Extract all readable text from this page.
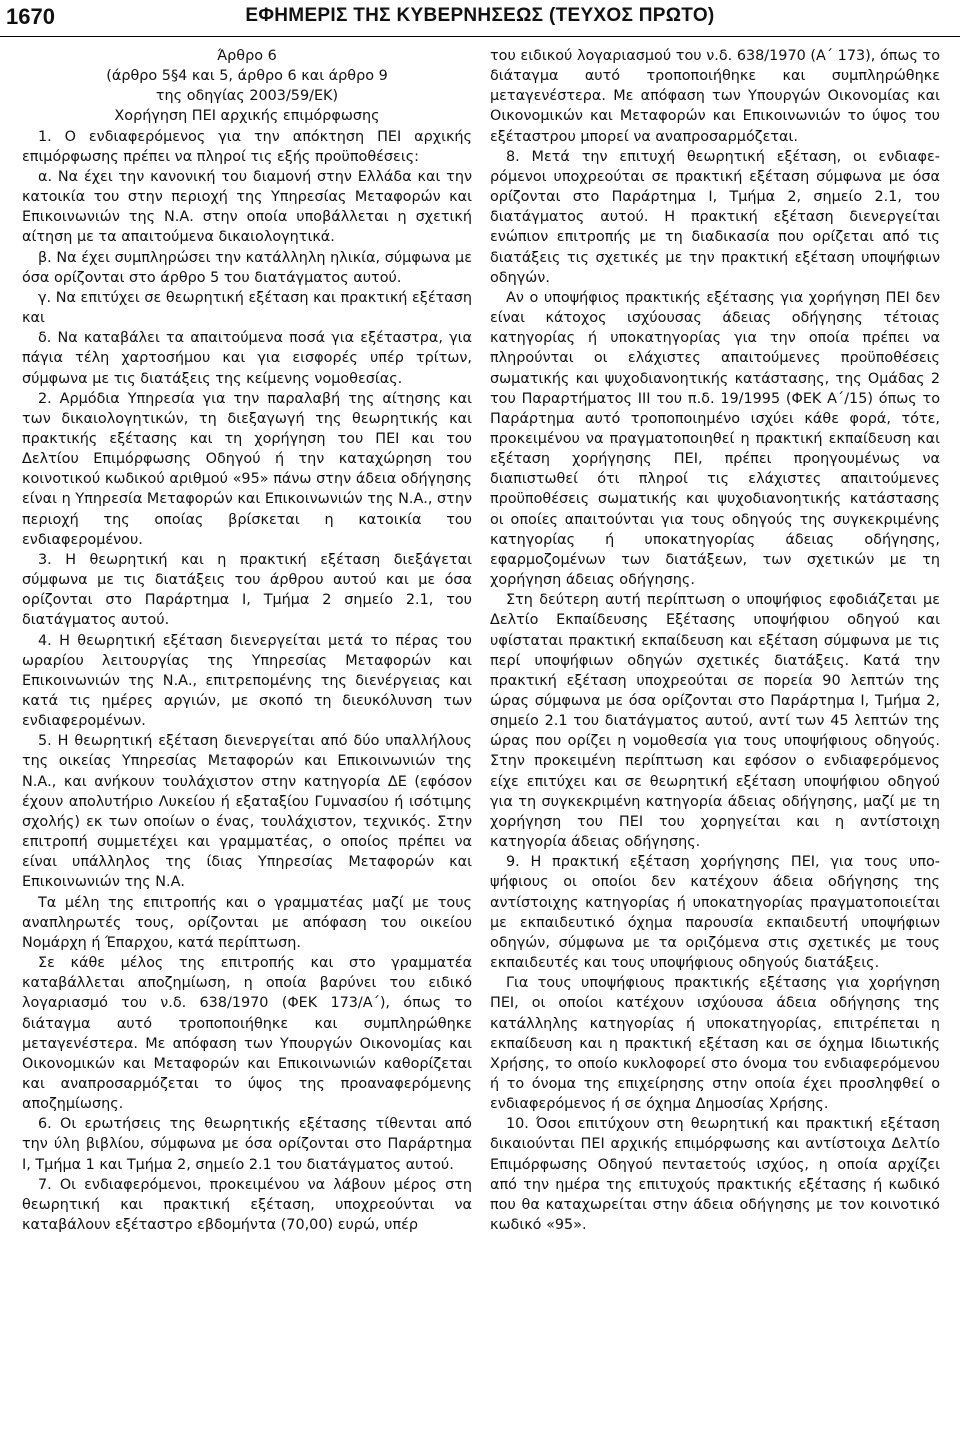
1670	ΕΦΗΜΕΡΙΣ ΤΗΣ ΚΥΒΕΡΝΗΣΕΩΣ (ΤΕΥΧΟΣ ΠΡΩΤΟ)
Άρθρο 6
(άρθρο 5§4 και 5, άρθρο 6 και άρθρο 9
της οδηγίας 2003/59/ΕΚ)
Χορήγηση ΠΕΙ αρχικής επιμόρφωσης

1. Ο ενδιαφερόμενος για την απόκτηση ΠΕΙ αρχικής επιμόρφωσης πρέπει να πληροί τις εξής προϋποθέσεις:

α. Να έχει την κανονική του διαμονή στην Ελλάδα και την κατοικία του στην περιοχή της Υπηρεσίας Μεταφορών και Επικοινωνιών της Ν.Α. στην οποία υποβάλλεται η σχετική αίτηση με τα απαιτούμενα δικαιολογητικά.

β. Να έχει συμπληρώσει την κατάλληλη ηλικία, σύμφωνα με όσα ορίζονται στο άρθρο 5 του διατάγματος αυτού.

γ. Να επιτύχει σε θεωρητική εξέταση και πρακτική εξέταση και

δ. Να καταβάλει τα απαιτούμενα ποσά για εξέταστρα, για πάγια τέλη χαρτοσήμου και για εισφορές υπέρ τρίτων, σύμφωνα με τις διατάξεις της κείμενης νομοθεσίας.

2. Αρμόδια Υπηρεσία για την παραλαβή της αίτησης και των δικαιολογητικών, τη διεξαγωγή της θεωρητικής και πρακτικής εξέτασης και τη χορήγηση του ΠΕΙ και του Δελτίου Επιμόρφωσης Οδηγού ή την καταχώρηση του κοινοτικού κωδικού αριθμού «95» πάνω στην άδεια οδήγησης είναι η Υπηρεσία Μεταφορών και Επικοινωνιών της Ν.Α., στην περιοχή της οποίας βρίσκεται η κατοικία του ενδιαφερομένου.

3. Η θεωρητική και η πρακτική εξέταση διεξάγεται σύμφωνα με τις διατάξεις του άρθρου αυτού και με όσα ορίζονται στο Παράρτημα Ι, Τμήμα 2 σημείο 2.1, του διατάγματος αυτού.

4. Η θεωρητική εξέταση διενεργείται μετά το πέρας του ωραρίου λειτουργίας της Υπηρεσίας Μεταφορών και Επικοινωνιών της Ν.Α., επιτρεπομένης της διενέργειας και κατά τις ημέρες αργιών, με σκοπό τη διευκόλυνση των ενδιαφερομένων.

5. Η θεωρητική εξέταση διενεργείται από δύο υπαλλήλους της οικείας Υπηρεσίας Μεταφορών και Επικοινωνιών της Ν.Α., και ανήκουν τουλάχιστον στην κατηγορία ΔΕ (εφόσον έχουν απολυτήριο Λυκείου ή εξαταξίου Γυμνασίου ή ισότιμης σχολής) εκ των οποίων ο ένας, τουλάχιστον, τεχνικός. Στην επιτροπή συμμετέχει και γραμματέας, ο οποίος πρέπει να είναι υπάλληλος της ίδιας Υπηρεσίας Μεταφορών και Επικοινωνιών της Ν.Α.

Τα μέλη της επιτροπής και ο γραμματέας μαζί με τους αναπληρωτές τους, ορίζονται με απόφαση του οικείου Νομάρχη ή Έπαρχου, κατά περίπτωση.

Σε κάθε μέλος της επιτροπής και στο γραμματέα καταβάλλεται αποζημίωση, η οποία βαρύνει του ειδικό λογαριασμό του ν.δ. 638/1970 (ΦΕΚ 173/Α΄), όπως το διάταγμα αυτό τροποποιήθηκε και συμπληρώθηκε μεταγενέστερα. Με απόφαση των Υπουργών Οικονομίας και Οικονομικών και Μεταφορών και Επικοινωνιών καθορίζεται και αναπροσαρμόζεται το ύψος της προαναφερόμενης αποζημίωσης.

6. Οι ερωτήσεις της θεωρητικής εξέτασης τίθενται από την ύλη βιβλίου, σύμφωνα με όσα ορίζονται στο Παράρτημα Ι, Τμήμα 1 και Τμήμα 2, σημείο 2.1 του διατάγματος αυτού.

7. Οι ενδιαφερόμενοι, προκειμένου να λάβουν μέρος στη θεωρητική και πρακτική εξέταση, υποχρεούνται να καταβάλουν εξέταστρο εβδομήντα (70,00) ευρώ, υπέρ

του ειδικού λογαριασμού του ν.δ. 638/1970 (Α΄ 173), όπως το διάταγμα αυτό τροποποιήθηκε και συμπληρώθηκε μεταγενέστερα. Με απόφαση των Υπουργών Οικονομίας και Οικονομικών και Μεταφορών και Επικοινωνιών το ύψος του εξέταστρου μπορεί να αναπροσαρμόζεται.

8. Μετά την επιτυχή θεωρητική εξέταση, οι ενδιαφερόμενοι υποχρεούται σε πρακτική εξέταση σύμφωνα με όσα ορίζονται στο Παράρτημα Ι, Τμήμα 2, σημείο 2.1, του διατάγματος αυτού. Η πρακτική εξέταση διενεργείται ενώπιον επιτροπής με τη διαδικασία που ορίζεται από τις διατάξεις τις σχετικές με την πρακτική εξέταση υποψήφιων οδηγών.

Αν ο υποψήφιος πρακτικής εξέτασης για χορήγηση ΠΕΙ δεν είναι κάτοχος ισχύουσας άδειας οδήγησης τέτοιας κατηγορίας ή υποκατηγορίας για την οποία πρέπει να πληρούνται οι ελάχιστες απαιτούμενες προϋποθέσεις σωματικής και ψυχοδιανοητικής κατάστασης, της Ομάδας 2 του Παραρτήματος ΙΙΙ του π.δ. 19/1995 (ΦΕΚ Α΄/15) όπως το Παράρτημα αυτό τροποποιημένο ισχύει κάθε φορά, τότε, προκειμένου να πραγματοποιηθεί η πρακτική εκπαίδευση και εξέταση χορήγησης ΠΕΙ, πρέπει προηγουμένως να διαπιστωθεί ότι πληροί τις ελάχιστες απαιτούμενες προϋποθέσεις σωματικής και ψυχοδιανοητικής κατάστασης οι οποίες απαιτούνται για τους οδηγούς της συγκεκριμένης κατηγορίας ή υποκατηγορίας άδειας οδήγησης, εφαρμοζομένων των διατάξεων, των σχετικών με τη χορήγηση άδειας οδήγησης.

Στη δεύτερη αυτή περίπτωση ο υποψήφιος εφοδιάζεται με Δελτίο Εκπαίδευσης Εξέτασης υποψήφιου οδηγού και υφίσταται πρακτική εκπαίδευση και εξέταση σύμφωνα με τις περί υποψήφιων οδηγών σχετικές διατάξεις. Κατά την πρακτική εξέταση υποχρεούται σε πορεία 90 λεπτών της ώρας σύμφωνα με όσα ορίζονται στο Παράρτημα Ι, Τμήμα 2, σημείο 2.1 του διατάγματος αυτού, αντί των 45 λεπτών της ώρας που ορίζει η νομοθεσία για τους υποψήφιους οδηγούς. Στην προκειμένη περίπτωση και εφόσον ο ενδιαφερόμενος είχε επιτύχει και σε θεωρητική εξέταση υποψήφιου οδηγού για τη συγκεκριμένη κατηγορία άδειας οδήγησης, μαζί με τη χορήγηση του ΠΕΙ του χορηγείται και η αντίστοιχη κατηγορία άδειας οδήγησης.

9. Η πρακτική εξέταση χορήγησης ΠΕΙ, για τους υποψήφιους οι οποίοι δεν κατέχουν άδεια οδήγησης της αντίστοιχης κατηγορίας ή υποκατηγορίας πραγματοποιείται με εκπαιδευτικό όχημα παρουσία εκπαιδευτή υποψήφιων οδηγών, σύμφωνα με τα οριζόμενα στις σχετικές με τους εκπαιδευτές και τους υποψήφιους οδηγούς διατάξεις.

Για τους υποψήφιους πρακτικής εξέτασης για χορήγηση ΠΕΙ, οι οποίοι κατέχουν ισχύουσα άδεια οδήγησης της κατάλληλης κατηγορίας ή υποκατηγορίας, επιτρέπεται η εκπαίδευση και η πρακτική εξέταση και σε όχημα Ιδιωτικής Χρήσης, το οποίο κυκλοφορεί στο όνομα του ενδιαφερόμενου ή το όνομα της επιχείρησης στην οποία έχει προσληφθεί ο ενδιαφερόμενος ή σε όχημα Δημοσίας Χρήσης.

10. Όσοι επιτύχουν στη θεωρητική και πρακτική εξέταση δικαιούνται ΠΕΙ αρχικής επιμόρφωσης και αντίστοιχα Δελτίο Επιμόρφωσης Οδηγού πενταετούς ισχύος, η οποία αρχίζει από την ημέρα της επιτυχούς πρακτικής εξέτασης ή κωδικό που θα καταχωρείται στην άδεια οδήγησης με τον κοινοτικό κωδικό «95».
